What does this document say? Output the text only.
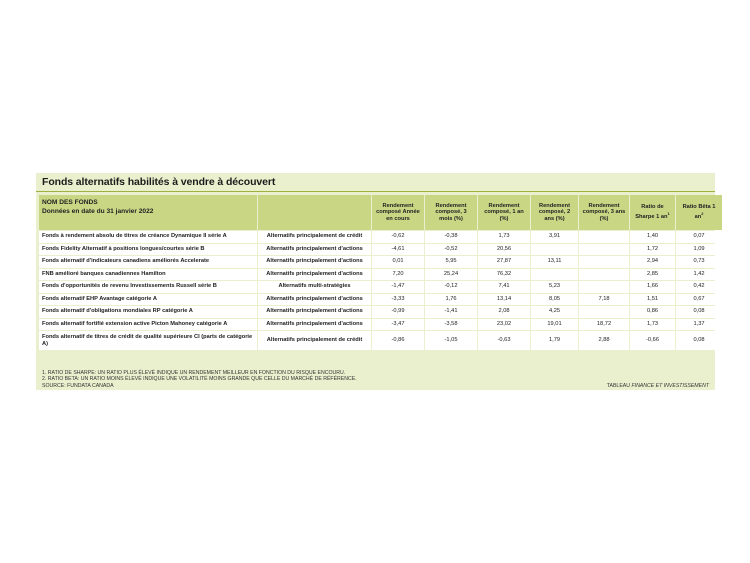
Fonds alternatifs habilités à vendre à découvert
NOM DES FONDS
Données en date du 31 janvier 2022		Rendement composé Année en cours	Rendement composé, 3 mois (%)	Rendement composé, 1 an (%)	Rendement composé, 2 ans (%)	Rendement composé, 3 ans (%)	Ratio de Sharpe 1 $an^1$	Ratio Bêta 1 $an^2$
Fonds à rendement absolu de titres de créance Dynamique II série A	Alternatifs principalement de crédit	-0,62	-0,38	1,73	3,91		1,40	0,07
Fonds Fidelity Alternatif à positions longues/courtes série B	Alternatifs principalement d'actions	-4,61	-0,52	20,56			1,72	1,09
Fonds alternatif d'indicateurs canadiens améliorés Accelerate	Alternatifs principalement d'actions	0,01	5,95	27,87	13,11		2,94	0,73
FNB amélioré banques canadiennes Hamilton	Alternatifs principalement d'actions	7,20	25,24	76,32			2,85	1,42
Fonds d'opportunités de revenu Investissements Russell série B	Alternatifs multi-stratégies	-1,47	-0,12	7,41	5,23		1,66	0,42
Fonds alternatif EHP Avantage catégorie A	Alternatifs principalement d'actions	-3,33	1,76	13,14	8,05	7,18	1,51	0,67
Fonds alternatif d'obligations mondiales RP catégorie A	Alternatifs principalement d'actions	-0,99	-1,41	2,08	4,25		0,86	0,08
Fonds alternatif fortifié extension active Picton Mahoney catégorie A	Alternatifs principalement d'actions	-3,47	-3,58	23,02	19,01	18,72	1,73	1,37
Fonds alternatif de titres de crédit de qualité supérieure CI (parts de catégorie A)	Alternatifs principalement de crédit	-0,86	-1,05	-0,63	1,79	2,88	-0,66	0,08
1. RATIO DE SHARPE: UN RATIO PLUS ÉLEVÉ INDIQUE UN RENDEMENT MEILLEUR EN FONCTION DU RISQUE ENCOURU.
2. RATIO BETA: UN RATIO MOINS ÉLEVÉ INDIQUE UNE VOLATILITÉ MOINS GRANDE QUE CELLE DU MARCHÉ DE RÉFÉRENCE.
SOURCE: FUNDATA CANADA	TABLEAU FINANCE ET INVESTISSEMENT
